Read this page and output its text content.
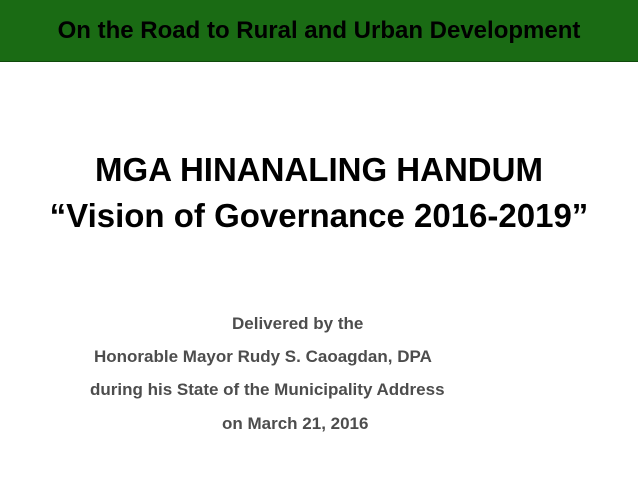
On the Road to Rural and Urban Development
MGA HINANALING HANDUM
“Vision of Governance 2016-2019”
Delivered by the
Honorable Mayor Rudy S. Caoagdan, DPA
during his State of the Municipality Address
on March 21, 2016
